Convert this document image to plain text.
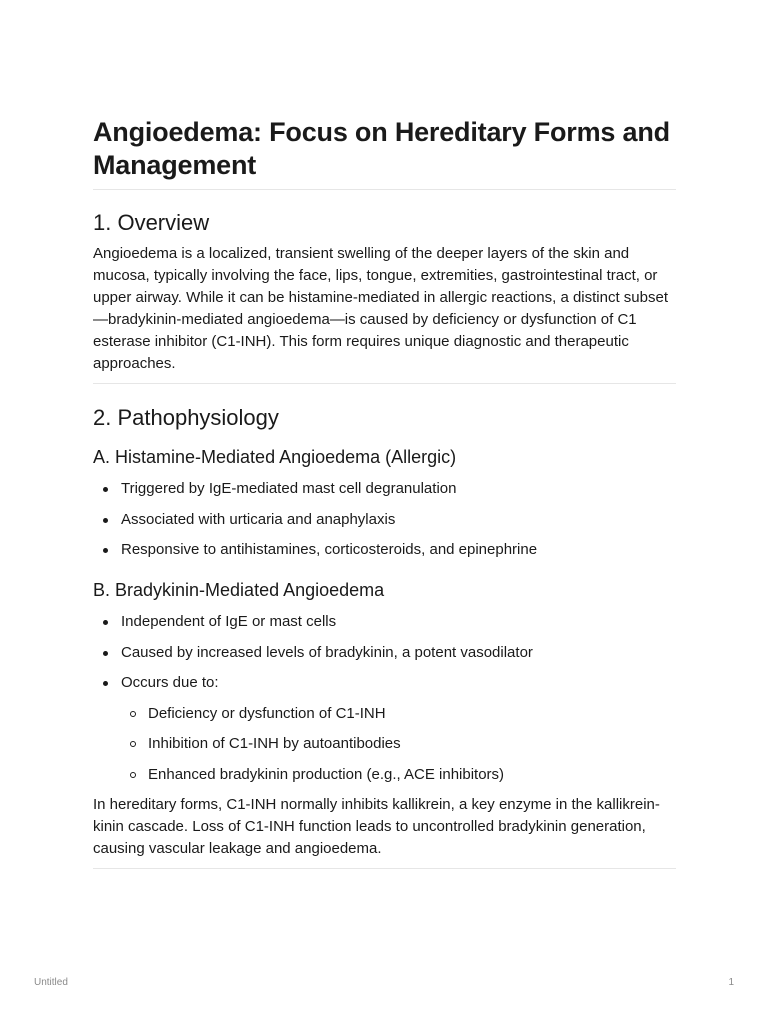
Angioedema: Focus on Hereditary Forms and Management
1. Overview

Angioedema is a localized, transient swelling of the deeper layers of the skin and mucosa, typically involving the face, lips, tongue, extremities, gastrointestinal tract, or upper airway. While it can be histamine-mediated in allergic reactions, a distinct subset—bradykinin-mediated angioedema—is caused by deficiency or dysfunction of C1 esterase inhibitor (C1-INH). This form requires unique diagnostic and therapeutic approaches.

2. Pathophysiology
A. Histamine-Mediated Angioedema (Allergic)
Triggered by IgE-mediated mast cell degranulation
Associated with urticaria and anaphylaxis
Responsive to antihistamines, corticosteroids, and epinephrine
B. Bradykinin-Mediated Angioedema
Independent of IgE or mast cells
Caused by increased levels of bradykinin, a potent vasodilator
Occurs due to:
Deficiency or dysfunction of C1-INH
Inhibition of C1-INH by autoantibodies
Enhanced bradykinin production (e.g., ACE inhibitors)

In hereditary forms, C1-INH normally inhibits kallikrein, a key enzyme in the kallikrein-kinin cascade. Loss of C1-INH function leads to uncontrolled bradykinin generation, causing vascular leakage and angioedema.

Untitled	1
